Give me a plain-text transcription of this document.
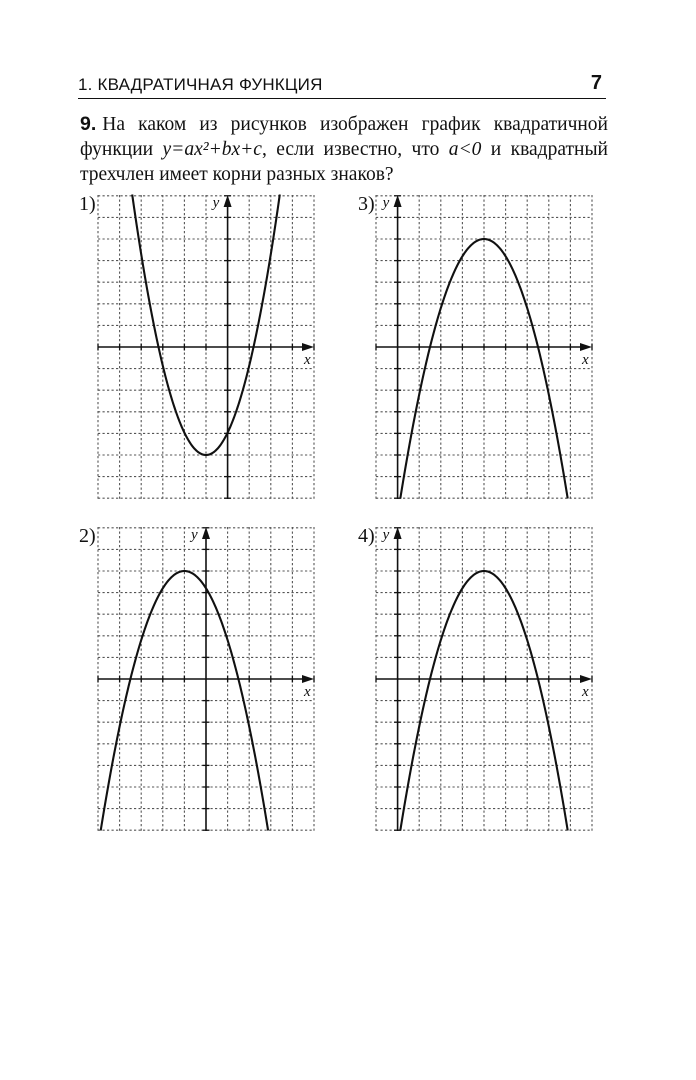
1. КВАДРАТИЧНАЯ ФУНКЦИЯ	7
9. На каком из рисунков изображен график квадратичной функции y=ax²+bx+c, если известно, что a<0 и квадратный трехчлен имеет корни разных знаков?
1)
2)
3)
4)
x
y
x
y
x
y
x
y
